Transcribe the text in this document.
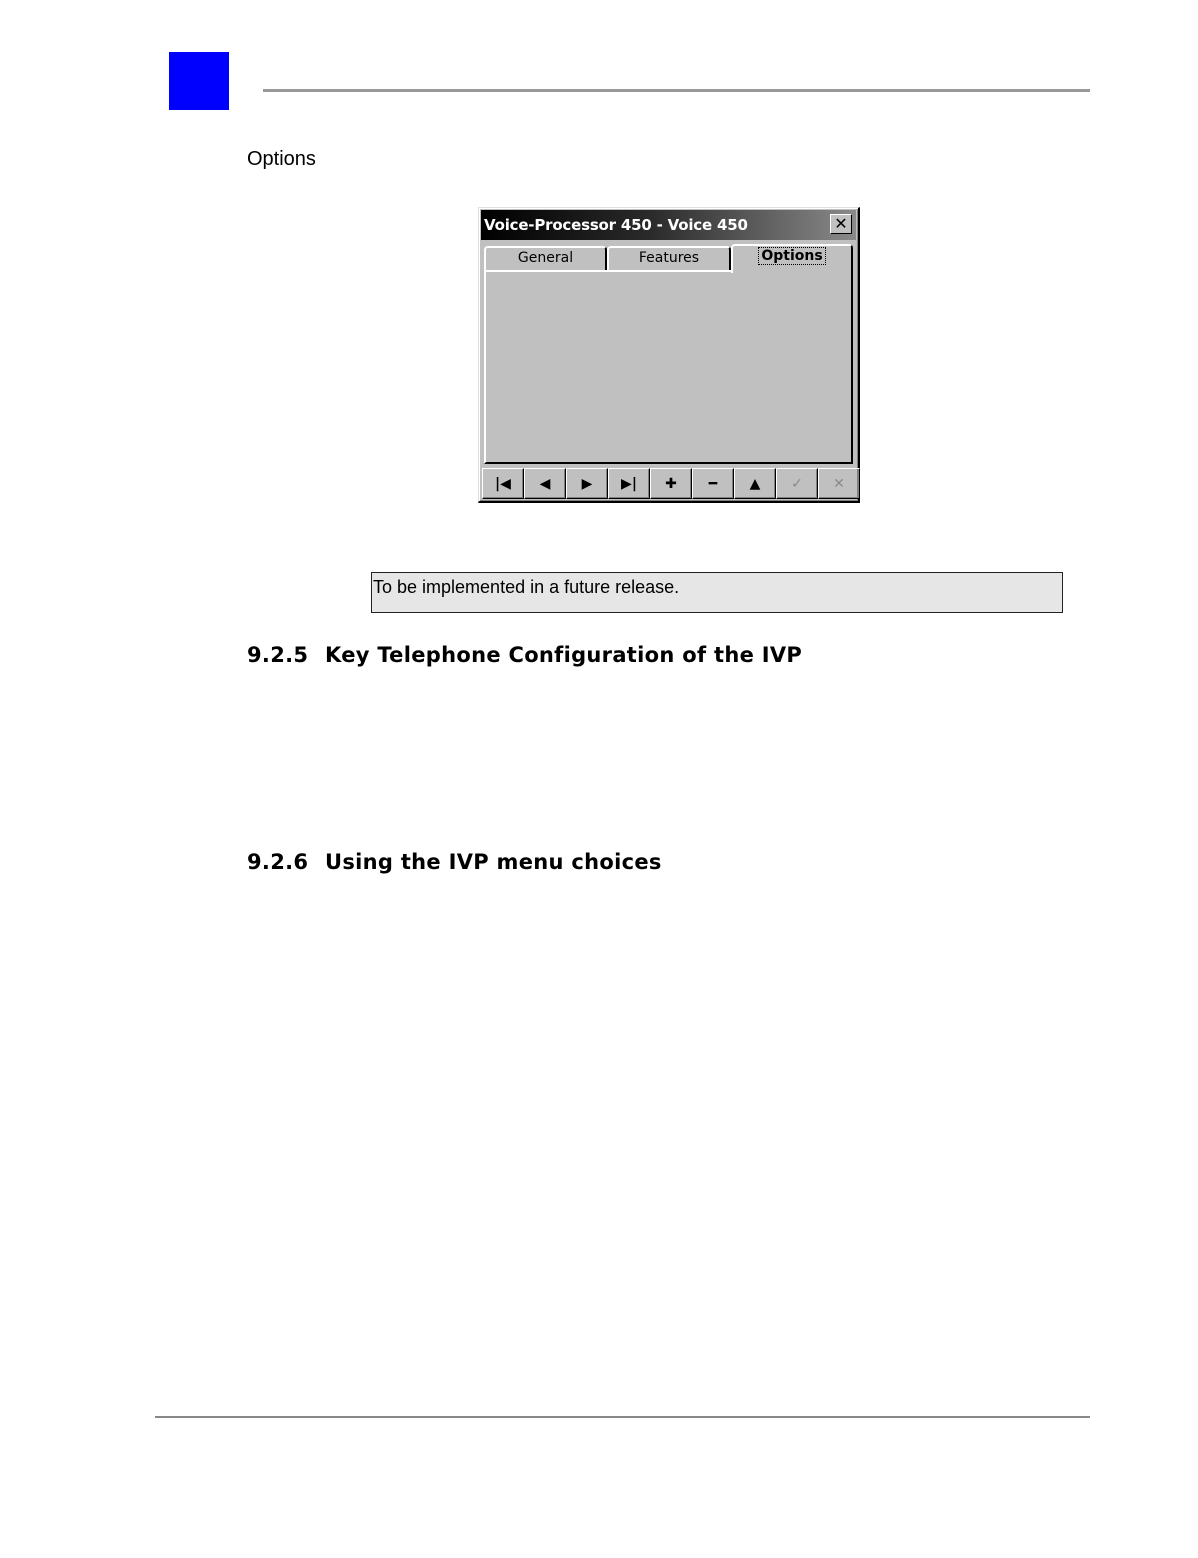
Options
Voice-Processor 450 - Voice 450	✕
General	Features	Options
|◀ ◀ ▶ ▶| ✚ ━ ▲ ✓ ✕
To be implemented in a future release.
9.2.5 Key Telephone Configuration of the IVP
9.2.6 Using the IVP menu choices
